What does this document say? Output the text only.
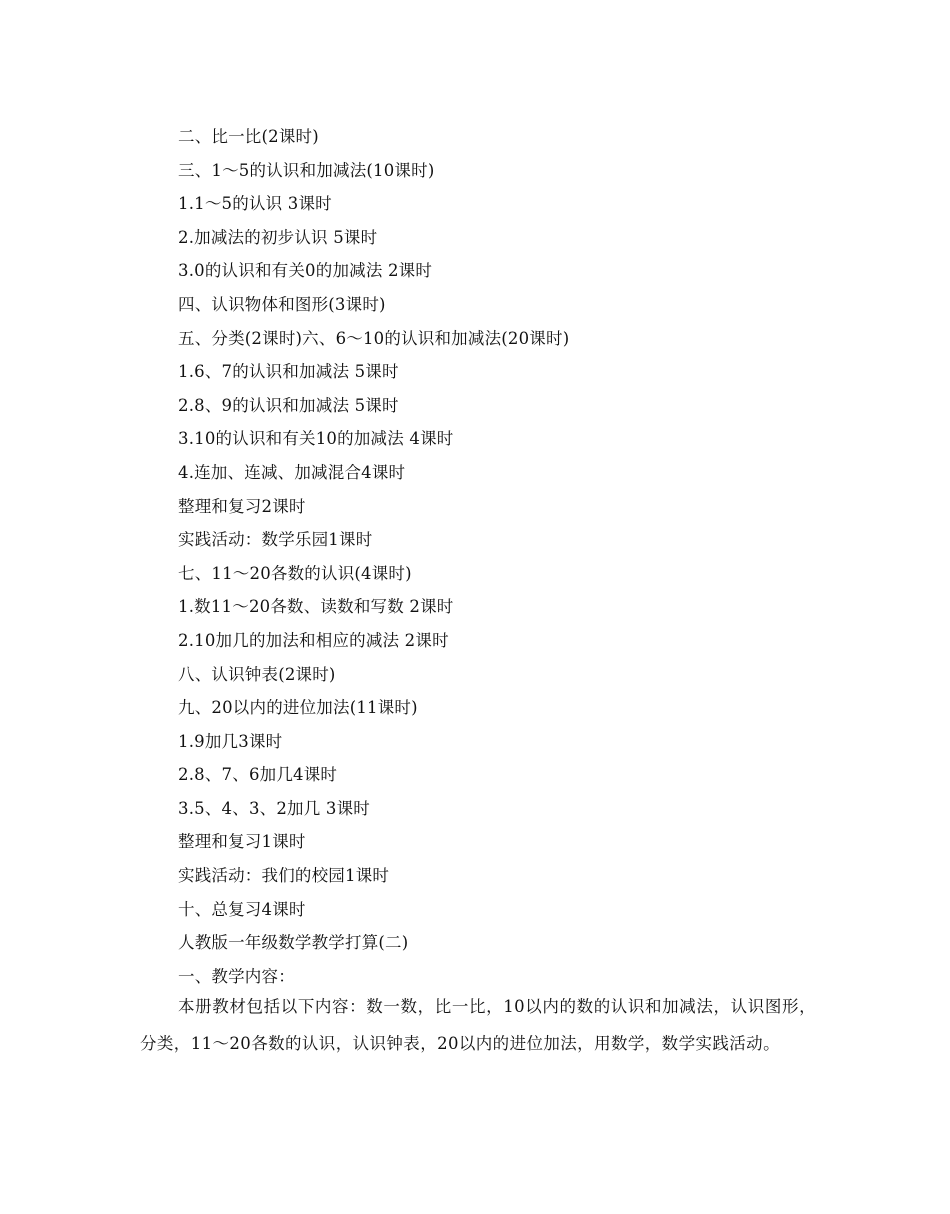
二、比一比(2课时)
三、1～5的认识和加减法(10课时)
1.1～5的认识 3课时
2.加减法的初步认识 5课时
3.0的认识和有关0的加减法 2课时
四、认识物体和图形(3课时)
五、分类(2课时)六、6～10的认识和加减法(20课时)
1.6、7的认识和加减法 5课时
2.8、9的认识和加减法 5课时
3.10的认识和有关10的加减法 4课时
4.连加、连减、加减混合4课时
整理和复习2课时
实践活动：数学乐园1课时
七、11～20各数的认识(4课时)
1.数11～20各数、读数和写数 2课时
2.10加几的加法和相应的减法 2课时
八、认识钟表(2课时)
九、20以内的进位加法(11课时)
1.9加几3课时
2.8、7、6加几4课时
3.5、4、3、2加几 3课时
整理和复习1课时
实践活动：我们的校园1课时
十、总复习4课时
人教版一年级数学教学打算(二)
一、教学内容：

本册教材包括以下内容：数一数，比一比，10以内的数的认识和加减法，认识图形，分类，11～20各数的认识，认识钟表，20以内的进位加法，用数学，数学实践活动。
